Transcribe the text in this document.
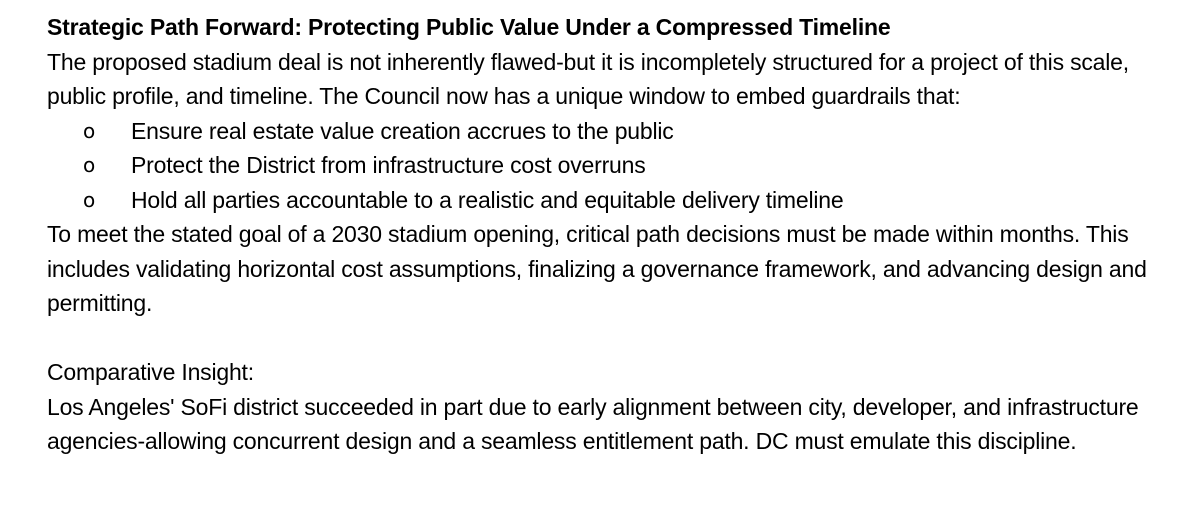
Strategic Path Forward: Protecting Public Value Under a Compressed Timeline

The proposed stadium deal is not inherently flawed-but it is incompletely structured for a project of this scale, public profile, and timeline. The Council now has a unique window to embed guardrails that:

o Ensure real estate value creation accrues to the public
o Protect the District from infrastructure cost overruns
o Hold all parties accountable to a realistic and equitable delivery timeline

To meet the stated goal of a 2030 stadium opening, critical path decisions must be made within months. This includes validating horizontal cost assumptions, finalizing a governance framework, and advancing design and permitting.

Comparative Insight:

Los Angeles' SoFi district succeeded in part due to early alignment between city, developer, and infrastructure agencies-allowing concurrent design and a seamless entitlement path. DC must emulate this discipline.
